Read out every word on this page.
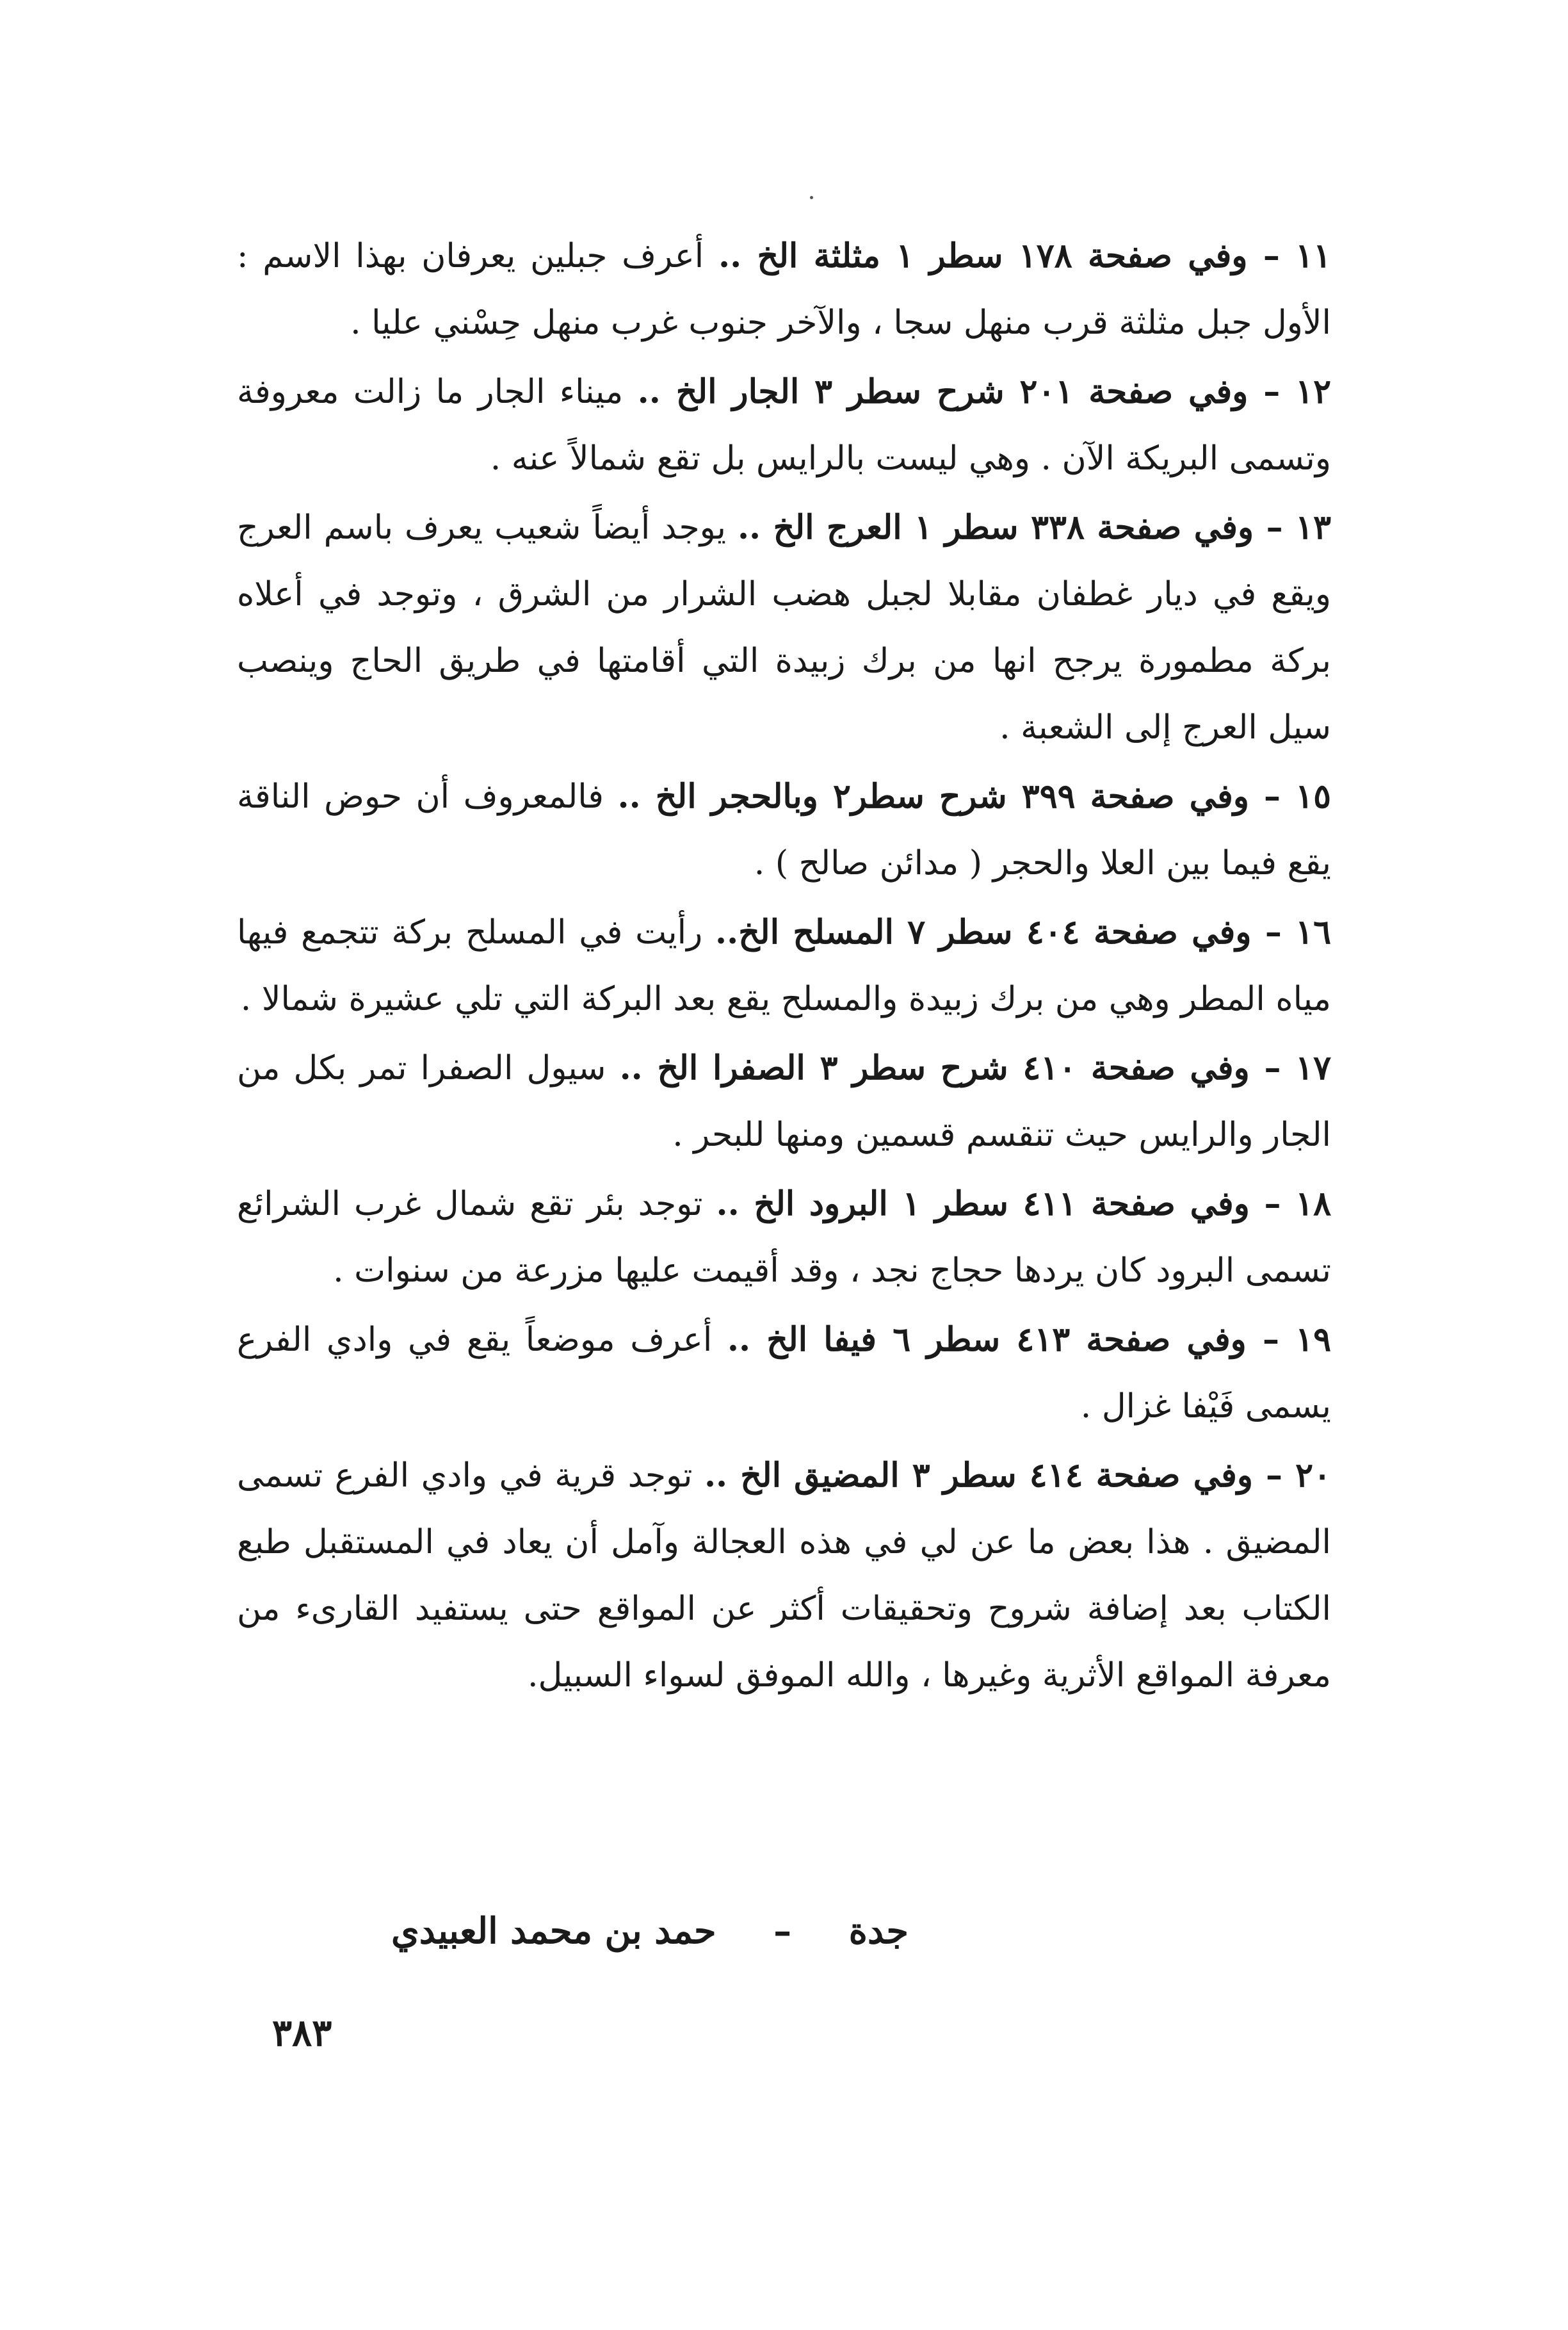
١١ – وفي صفحة ١٧٨ سطر ١ مثلثة الخ .. أعرف جبلين يعرفان بهذا الاسم : الأول جبل مثلثة قرب منهل سجا ، والآخر جنوب غرب منهل حِسْني عليا .

١٢ – وفي صفحة ٢٠١ شرح سطر ٣ الجار الخ .. ميناء الجار ما زالت معروفة وتسمى البريكة الآن . وهي ليست بالرايس بل تقع شمالاً عنه .

١٣ – وفي صفحة ٣٣٨ سطر ١ العرج الخ .. يوجد أيضاً شعيب يعرف باسم العرج ويقع في ديار غطفان مقابلا لجبل هضب الشرار من الشرق ، وتوجد في أعلاه بركة مطمورة يرجح انها من برك زبيدة التي أقامتها في طريق الحاج وينصب سيل العرج إلى الشعبة .

١٥ – وفي صفحة ٣٩٩ شرح سطر٢ وبالحجر الخ .. فالمعروف أن حوض الناقة يقع فيما بين العلا والحجر ( مدائن صالح ) .

١٦ – وفي صفحة ٤٠٤ سطر ٧ المسلح الخ.. رأيت في المسلح بركة تتجمع فيها مياه المطر وهي من برك زبيدة والمسلح يقع بعد البركة التي تلي عشيرة شمالا .

١٧ – وفي صفحة ٤١٠ شرح سطر ٣ الصفرا الخ .. سيول الصفرا تمر بكل من الجار والرايس حيث تنقسم قسمين ومنها للبحر .

١٨ – وفي صفحة ٤١١ سطر ١ البرود الخ .. توجد بئر تقع شمال غرب الشرائع تسمى البرود كان يردها حجاج نجد ، وقد أقيمت عليها مزرعة من سنوات .

١٩ – وفي صفحة ٤١٣ سطر ٦ فيفا الخ .. أعرف موضعاً يقع في وادي الفرع يسمى فَيْفا غزال .

٢٠ – وفي صفحة ٤١٤ سطر ٣ المضيق الخ .. توجد قرية في وادي الفرع تسمى المضيق . هذا بعض ما عن لي في هذه العجالة وآمل أن يعاد في المستقبل طبع الكتاب بعد إضافة شروح وتحقيقات أكثر عن المواقع حتى يستفيد القارىء من معرفة المواقع الأثرية وغيرها ، والله الموفق لسواء السبيل.

جدة – حمد بن محمد العبيدي
٣٨٣
